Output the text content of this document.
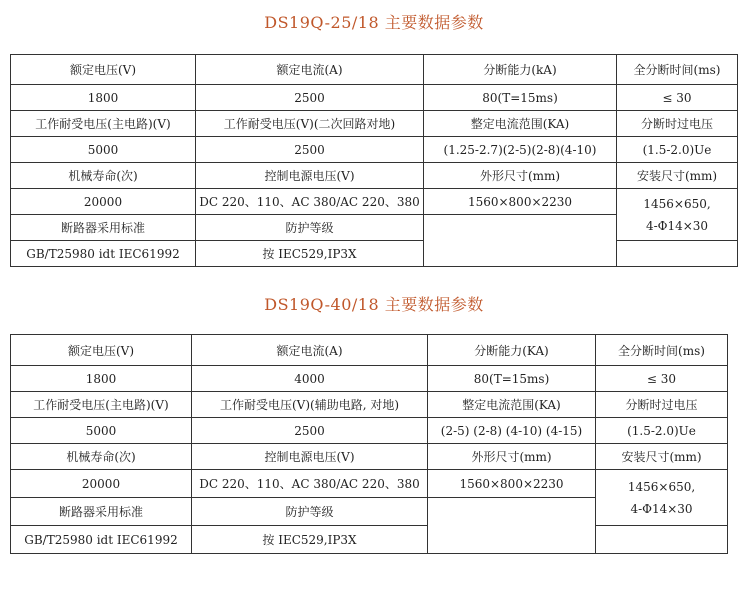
DS19Q-25/18 主要数据参数
额定电压(V)	额定电流(A)	分断能力(kA)	全分断时间(ms)
1800	2500	80(T=15ms)	≤ 30
工作耐受电压(主电路)(V)	工作耐受电压(V)(二次回路对地)	整定电流范围(KA)	分断时过电压
5000	2500	(1.25-2.7)(2-5)(2-8)(4-10)	(1.5-2.0)Ue
机械寿命(次)	控制电源电压(V)	外形尺寸(mm)	安装尺寸(mm)
20000	DC 220、110、AC 380/AC 220、380	1560×800×2230	1456×650,
4-Φ14×30

断路器采用标准	防护等级		
GB/T25980 idt IEC61992	按 IEC529,IP3X		
DS19Q-40/18 主要数据参数
额定电压(V)	额定电流(A)	分断能力(KA)	全分断时间(ms)
1800	4000	80(T=15ms)	≤ 30
工作耐受电压(主电路)(V)	工作耐受电压(V)(辅助电路, 对地)	整定电流范围(KA)	分断时过电压
5000	2500	(2-5) (2-8) (4-10) (4-15)	(1.5-2.0)Ue
机械寿命(次)	控制电源电压(V)	外形尺寸(mm)	安装尺寸(mm)
20000	DC 220、110、AC 380/AC 220、380	1560×800×2230	1456×650,
4-Φ14×30

断路器采用标准	防护等级		
GB/T25980 idt IEC61992	按 IEC529,IP3X		
